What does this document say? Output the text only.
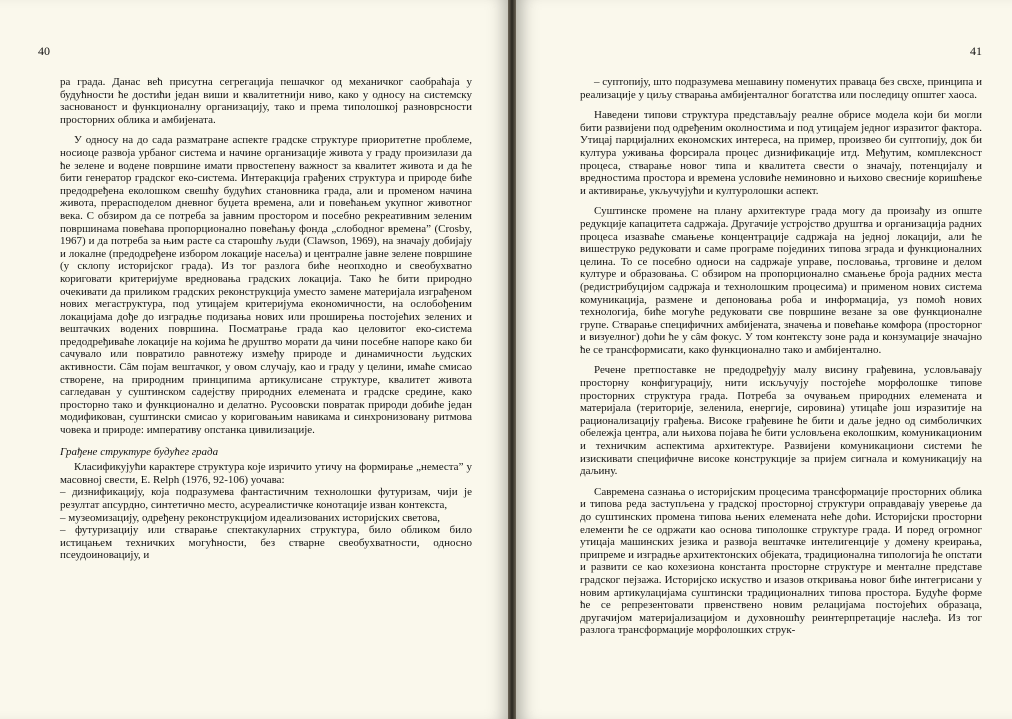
40

ра града. Данас већ присутна сегрегација пешачког од механичког саобраћаја у будућности ће достићи један виши и квалитетнији ниво, како у односу на системску заснованост и функционалну организацију, тако и према типолошкој разноврсности просторних облика и амбијената.

У односу на до сада разматране аспекте градске структуре приоритетне проблеме, носиоце развоја урбаног система и начине организације живота у граду произилази да ће зелене и водене површине имати првостепену важност за квалитет живота и да ће бити генератор градског еко-система. Интеракција грађених структура и природе биће предодређена еколошком свешћу будућих становника града, али и променом начина живота, прерасподелом дневног буџета времена, али и повећањем укупног животног века. С обзиром да се потреба за јавним простором и посебно рекреативним зеленим површинама повећава пропорционално повећању фонда „слободног времена” (Crosby, 1967) и да потреба за њим расте са старошћу људи (Clawson, 1969), на значају добијају и локалне (предодређене избором локације насеља) и централне јавне зелене површине (у склопу историјског града). Из тог разлога биће неопходно и свеобухватно кориговати критеријуме вредновања градских локација. Тако ће бити природно очекивати да приликом градских реконструкција уместо замене материјала изграђеном нових мегаструктура, под утицајем критеријума економичности, на ослобођеним локацијама дође до изградње подизања нових или проширења постојећих зелених и вештачких водених површина. Посматрање града као целовитог еко-система предодређиваће локације на којима ће друштво морати да чини посебне напоре како би сачувало или повратило равнотежу између природе и динамичности људских активности. Сâм појам вештачког, у овом случају, као и граду у целини, имаће смисао створене, на природним принципима артикулисане структуре, квалитет живота сагледаван у суштинском садејству природних елемената и градске средине, како просторно тако и функционално и делатно. Русоовски повратак природи добиће један модификован, суштински смисао у кориговањим навикама и синхронизовану ритмова човека и природе: императиву опстанка цивилизације.

Грађене структуре будућег града

Класификујући карактере структура које изричито утичу на формирање „неместа” у масовној свести, E. Relph (1976, 92-106) уочава:

– дизнификацију, која подразумева фантастичним технолошки футуризам, чији је резултат апсурдно, синтетично место, асуреалистичке конотације изван контекста,

– музеомизацију, одређену реконструкцијом идеализованих историјских светова,

– футуризацију или стварање спектакуларних структура, било обликом било истицањем техничких могућности, без стварне свеобухватности, односно псеудоиновацију, и

41

– суптопију, што подразумева мешавину поменутих праваца без свсхе, принципа и реализације у циљу стварања амбијенталног богатства или последицу општег хаоса.

Наведени типови структура представљају реалне обрисе модела који би могли бити развијени под одређеним околностима и под утицајем једног изразитог фактора. Утицај парцијалних економских интереса, на пример, произвео би суптопију, док би култура уживања форсирала процес дизнификације итд. Међутим, комплексност процеса, стварање новог типа и квалитета свести о значају, потенцијалу и вредностима простора и времена условиће неминовно и њихово свеснијe коришћење и активирање, укључујући и културолошки аспект.

Суштинске промене на плану архитектуре града могу да произађу из опште редукције капацитета садржаја. Другачије устројство друштва и организација радних процеса изазваће смањење концентрације садржаја на једној локацији, али ће вишеструко редуковати и саме програме појединих типова зграда и функционалних целина. То се посебно односи на садржаје управе, пословања, трговине и делом културе и образовања. С обзиром на пропорционално смањење броја радних места (редистрибуцијом садржаја и технолошким процесима) и применом нових система комуникација, размене и депоновања роба и информација, уз помоћ нових технологија, биће могуће редуковати све површине везане за ове функционалне групе. Стварање специфичних амбијената, значења и повећање комфора (просторног и визуелног) доћи ће у сâм фокус. У том контексту зоне рада и конзумације значајно ће се трансформисати, како функционално тако и амбијентално.

Речене претпоставке не предодређују малу висину грађевина, условљавају просторну конфигурацију, нити искључују постојеће морфолошке типове просторних структура града. Потреба за очувањем природних елемената и материјала (територије, зеленила, енергије, сировина) утицаће још изразитије на рационализацију грађења. Високе грађевине ће бити и даље једно од симболичких обележја центра, али њихова појава ће бити условљена еколошким, комуникационим и техничким аспектима архитектуре. Развијени комуникациони системи ће изискивати специфичне високе конструкције за пријем сигнала и комуникацију на даљину.

Савремена сазнања о историјским процесима трансформације просторних облика и типова реда заступљена у градској просторној структури оправдавају уверење да до суштинских промена типова њених елемената неће доћи. Историјски просторни елементи ће се одржати као основа типолошке структуре града. И поред огромног утицаја машинских језика и развоја вештачке интелигенције у домену креирања, припреме и изградње архитектонских објеката, традиционална типологија ће опстати и развити се као кохезиона константа просторне структуре и менталне представе градског пејзажа. Историјско искуство и изазов откривања новог биће интегрисани у новим артикулацијама суштински традиционалних типова простора. Будуће форме ће се репрезентовати првенствено новим релацијама постојећих образаца, другачијом материјализацијом и духовношћу реинтерпретације наслеђа. Из тог разлога трансформације морфолошких струк-
